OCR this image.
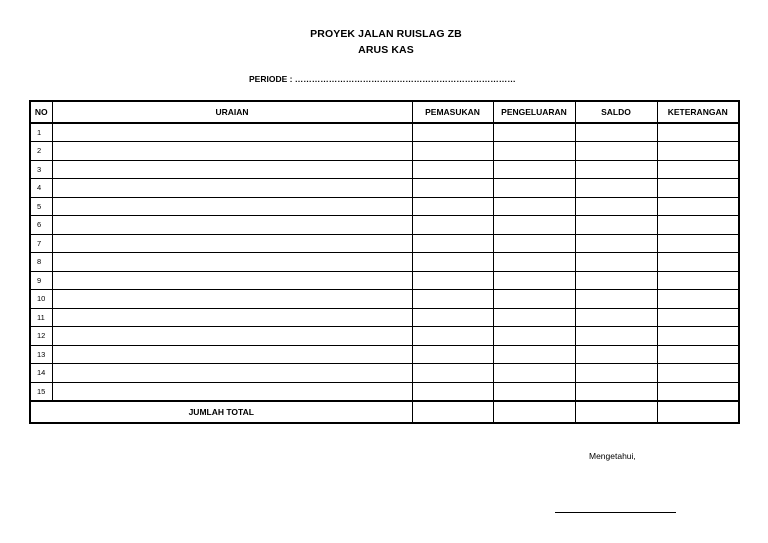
PROYEK JALAN RUISLAG ZB
ARUS KAS
PERIODE : ……………………………………………………………………
NO	URAIAN	PEMASUKAN	PENGELUARAN	SALDO	KETERANGAN
1					
2					
3					
4					
5					
6					
7					
8					
9					
10					
11					
12					
13					
14					
15					
JUMLAH TOTAL					
Mengetahui,
